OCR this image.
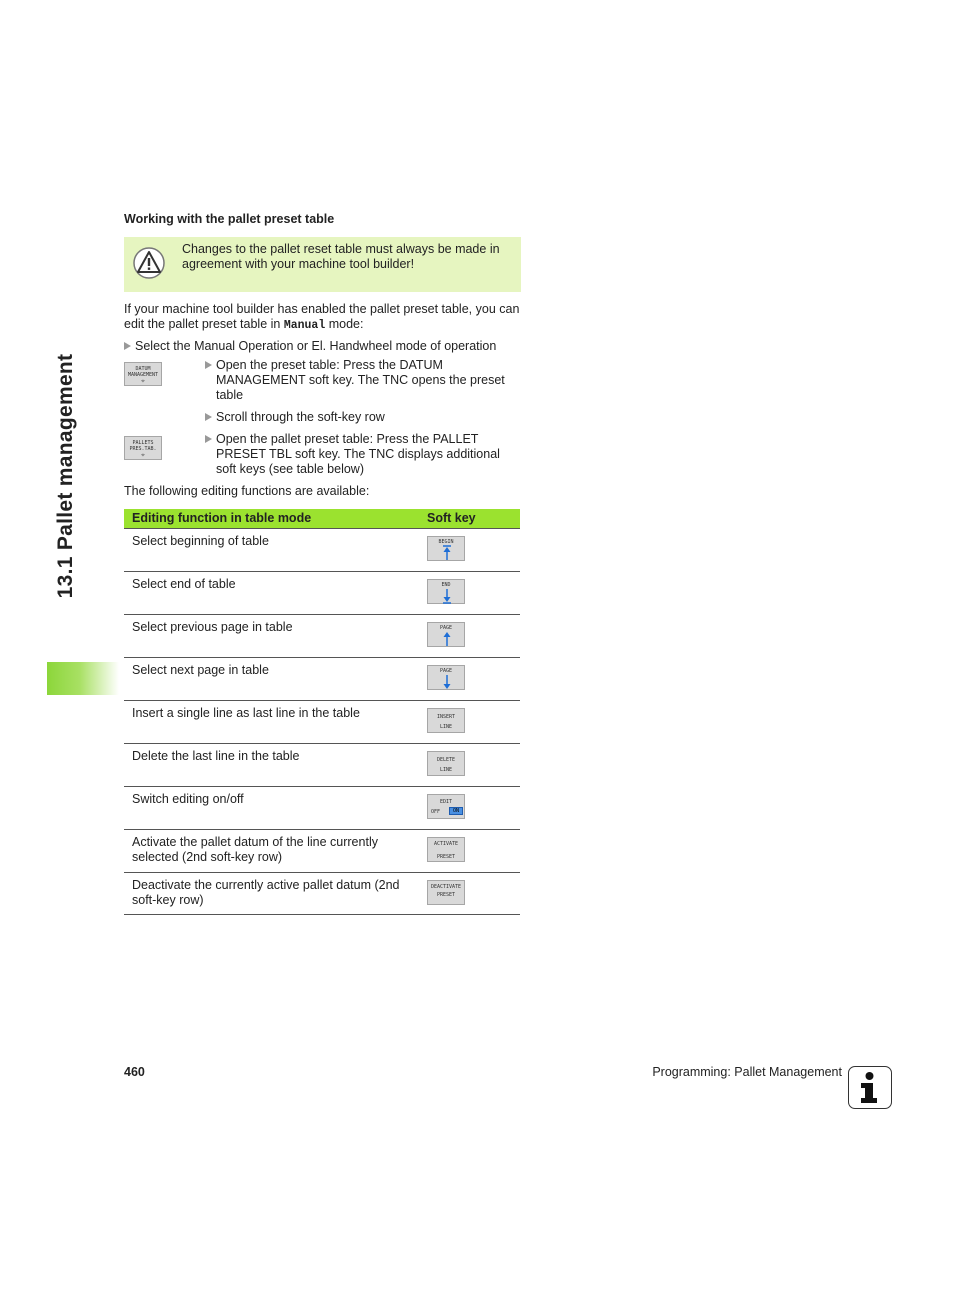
13.1 Pallet management
Working with the pallet preset table
Changes to the pallet reset table must always be made in agreement with your machine tool builder!
If your machine tool builder has enabled the pallet preset table, you can edit the pallet preset table in Manual mode:
Select the Manual Operation or El. Handwheel mode of operation
DATUM
MANAGEMENT
⌖
Open the preset table: Press the DATUM MANAGEMENT soft key. The TNC opens the preset table
Scroll through the soft-key row
PALLETS
PRES.TAB.
⌖
Open the pallet preset table: Press the PALLET PRESET TBL soft key. The TNC displays additional soft keys (see table below)
The following editing functions are available:
Editing function in table mode	Soft key
Select beginning of table	BEGIN
Select end of table	END
Select previous page in table	PAGE
Select next page in table	PAGE
Insert a single line as last line in the table	INSERT
LINE
Delete the last line in the table	DELETE
LINE
Switch editing on/off	EDIT
OFF	ON
Activate the pallet datum of the line currently selected (2nd soft-key row)
ACTIVATE
PRESET
Deactivate the currently active pallet datum (2nd soft-key row)
DEACTIVATE
PRESET
460	Programming: Pallet Management
